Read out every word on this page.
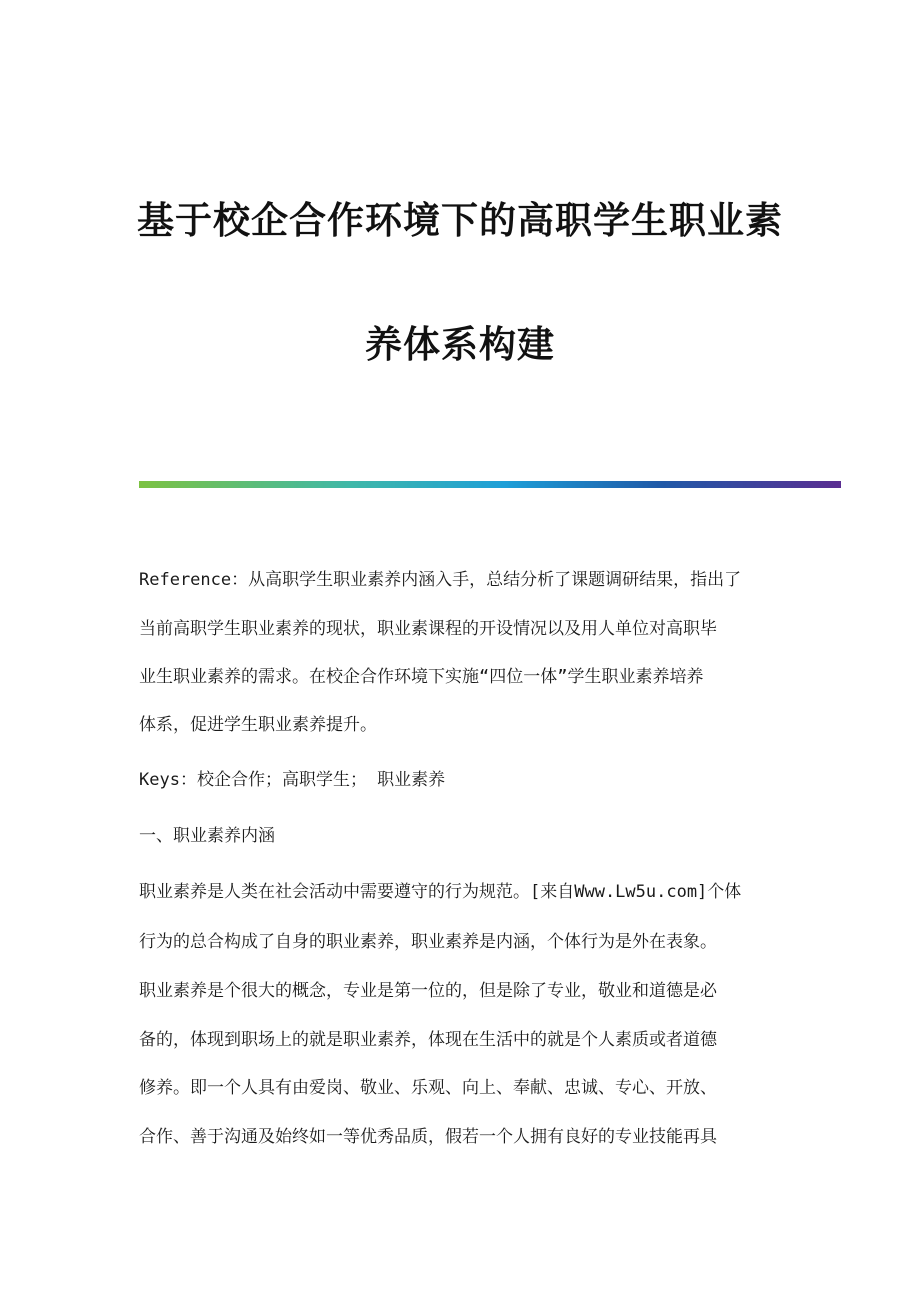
基于校企合作环境下的高职学生职业素
养体系构建
Reference：从高职学生职业素养内涵入手，总结分析了课题调研结果，指出了
当前高职学生职业素养的现状，职业素课程的开设情况以及用人单位对高职毕
业生职业素养的需求。在校企合作环境下实施“四位一体”学生职业素养培养
体系，促进学生职业素养提升。
Keys：校企合作；高职学生； 职业素养
一、职业素养内涵
职业素养是人类在社会活动中需要遵守的行为规范。[来自Www.Lw5u.com]个体
行为的总合构成了自身的职业素养，职业素养是内涵，个体行为是外在表象。
职业素养是个很大的概念，专业是第一位的，但是除了专业，敬业和道德是必
备的，体现到职场上的就是职业素养，体现在生活中的就是个人素质或者道德
修养。即一个人具有由爱岗、敬业、乐观、向上、奉献、忠诚、专心、开放、
合作、善于沟通及始终如一等优秀品质，假若一个人拥有良好的专业技能再具
